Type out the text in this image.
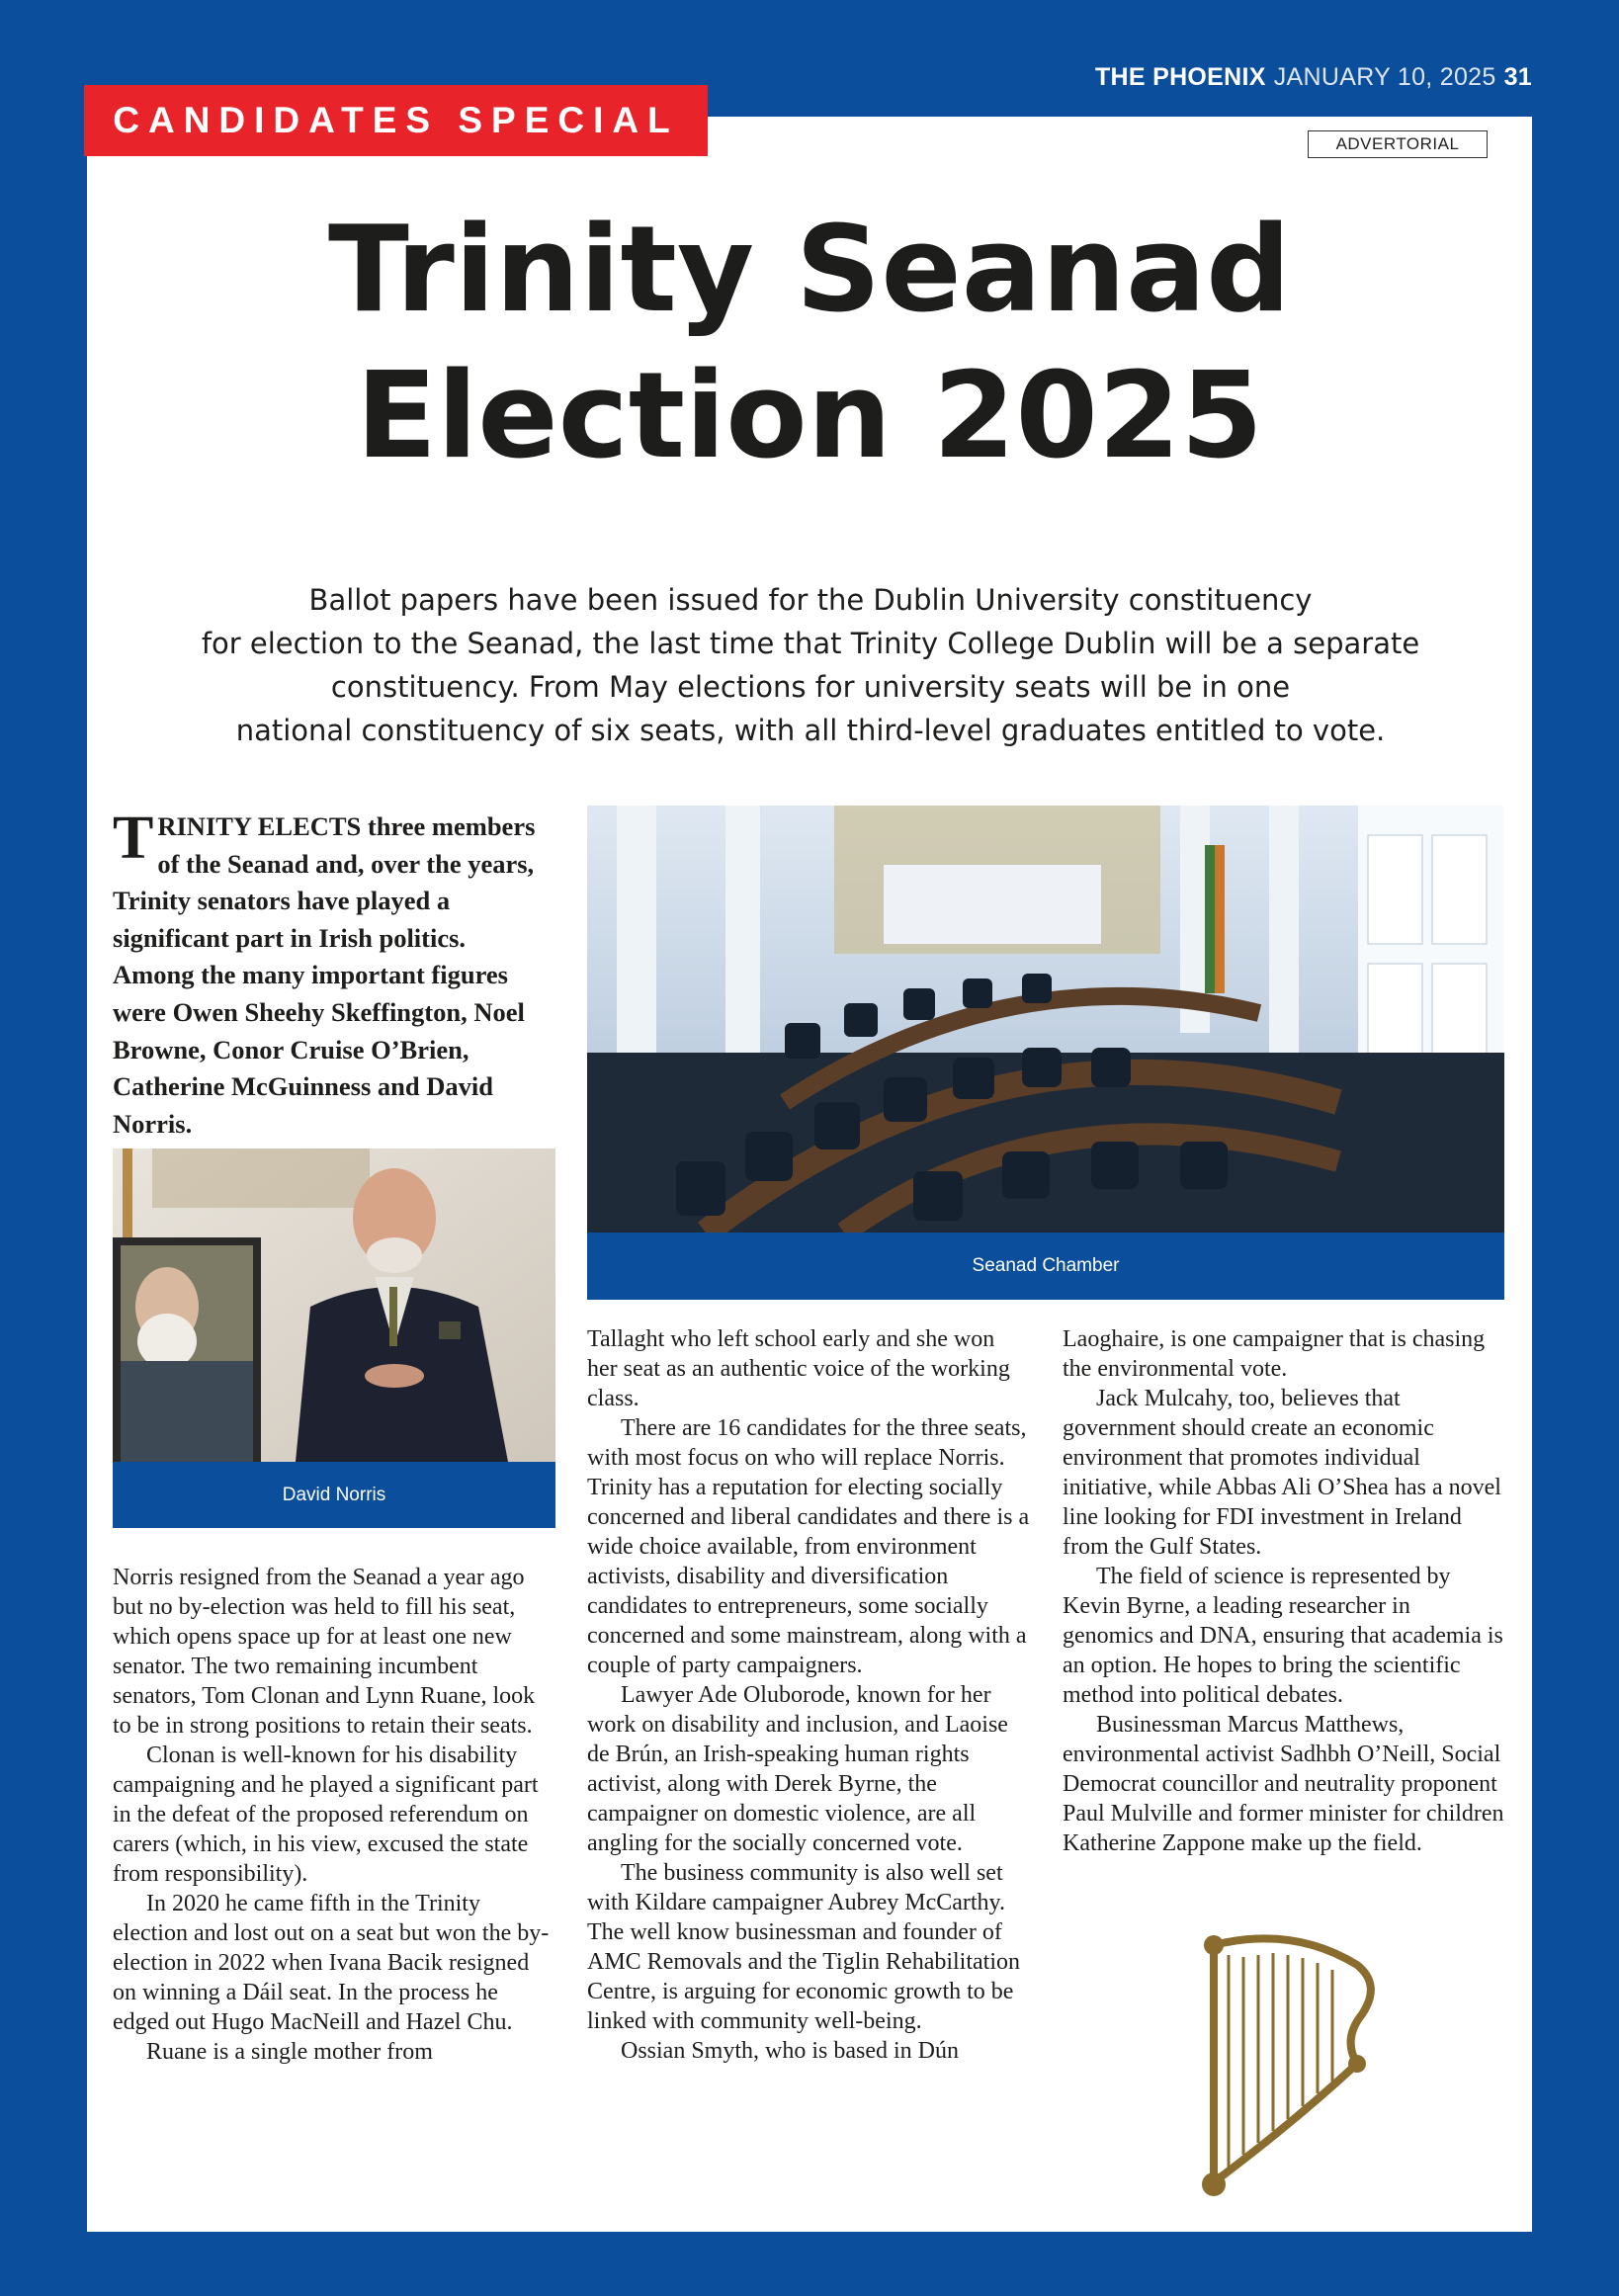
THE PHOENIX JANUARY 10, 2025 31
CANDIDATES SPECIAL
ADVERTORIAL
Trinity Seanad
Election 2025
Ballot papers have been issued for the Dublin University constituency
for election to the Seanad, the last time that Trinity College Dublin will be a separate
constituency. From May elections for university seats will be in one
national constituency of six seats, with all third-level graduates entitled to vote.
TRINITY ELECTS three members of the Seanad and, over the years, Trinity senators have played a significant part in Irish politics. Among the many important figures were Owen Sheehy Skeffington, Noel Browne, Conor Cruise O’Brien, Catherine McGuinness and David Norris.
David Norris
Seanad Chamber

Norris resigned from the Seanad a year ago but no by-election was held to fill his seat, which opens space up for at least one new senator. The two remaining incumbent senators, Tom Clonan and Lynn Ruane, look to be in strong positions to retain their seats.

Clonan is well-known for his disability campaigning and he played a significant part in the defeat of the proposed referendum on carers (which, in his view, excused the state from responsibility).

In 2020 he came fifth in the Trinity election and lost out on a seat but won the by-election in 2022 when Ivana Bacik resigned on winning a Dáil seat. In the process he edged out Hugo MacNeill and Hazel Chu.

Ruane is a single mother from

Tallaght who left school early and she won her seat as an authentic voice of the working class.

There are 16 candidates for the three seats, with most focus on who will replace Norris. Trinity has a reputation for electing socially concerned and liberal candidates and there is a wide choice available, from environment activists, disability and diversification candidates to entrepreneurs, some socially concerned and some mainstream, along with a couple of party campaigners.

Lawyer Ade Oluborode, known for her work on disability and inclusion, and Laoise de Brún, an Irish-speaking human rights activist, along with Derek Byrne, the campaigner on domestic violence, are all angling for the socially concerned vote.

The business community is also well set with Kildare campaigner Aubrey McCarthy. The well know businessman and founder of AMC Removals and the Tiglin Rehabilitation Centre, is arguing for economic growth to be linked with community well-being.

Ossian Smyth, who is based in Dún

Laoghaire, is one campaigner that is chasing the environmental vote.

Jack Mulcahy, too, believes that government should create an economic environment that promotes individual initiative, while Abbas Ali O’Shea has a novel line looking for FDI investment in Ireland from the Gulf States.

The field of science is represented by Kevin Byrne, a leading researcher in genomics and DNA, ensuring that academia is an option. He hopes to bring the scientific method into political debates.

Businessman Marcus Matthews, environmental activist Sadhbh O’Neill, Social Democrat councillor and neutrality proponent Paul Mulville and former minister for children Katherine Zappone make up the field.
